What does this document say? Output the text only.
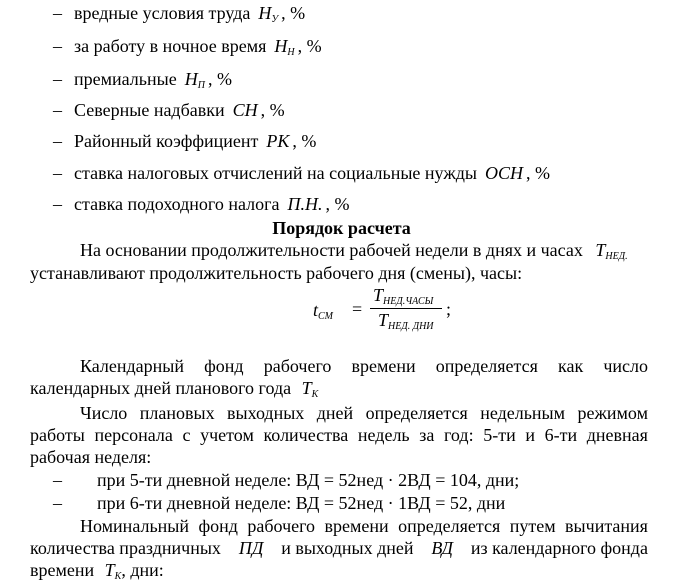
– вредные условия труда $H_У$ , %
– за работу в ночное время $H_H$ , %
– премиальные $H_П$ , %
– Северные надбавки CH , %
– Районный коэффициент PK , %
– ставка налоговых отчислений на социальные нужды OCH , %
– ставка подоходного налога П.Н. , %
Порядок расчета
На основании продолжительности рабочей недели в днях и часах $T_{НЕД.}$
устанавливают продолжительность рабочего дня (смены), часы:
$t_{СМ}$ =
$T_{НЕД.ЧАСЫ}$
$T_{НЕД. ДНИ}$
;
Календарный фонд рабочего времени определяется как число
календарных дней планового года $T_K$
Число плановых выходных дней определяется недельным режимом
работы персонала с учетом количества недель за год: 5-ти и 6-ти дневная
рабочая неделя:
– при 5-ти дневной неделе: ВД = 52нед · 2ВД = 104, дни;
– при 6-ти дневной неделе: ВД = 52нед · 1ВД = 52, дни
Номинальный фонд рабочего времени определяется путем вычитания
количества праздничных ПД и выходных дней ВД из календарного фонда
времени $T_K$, дни:
